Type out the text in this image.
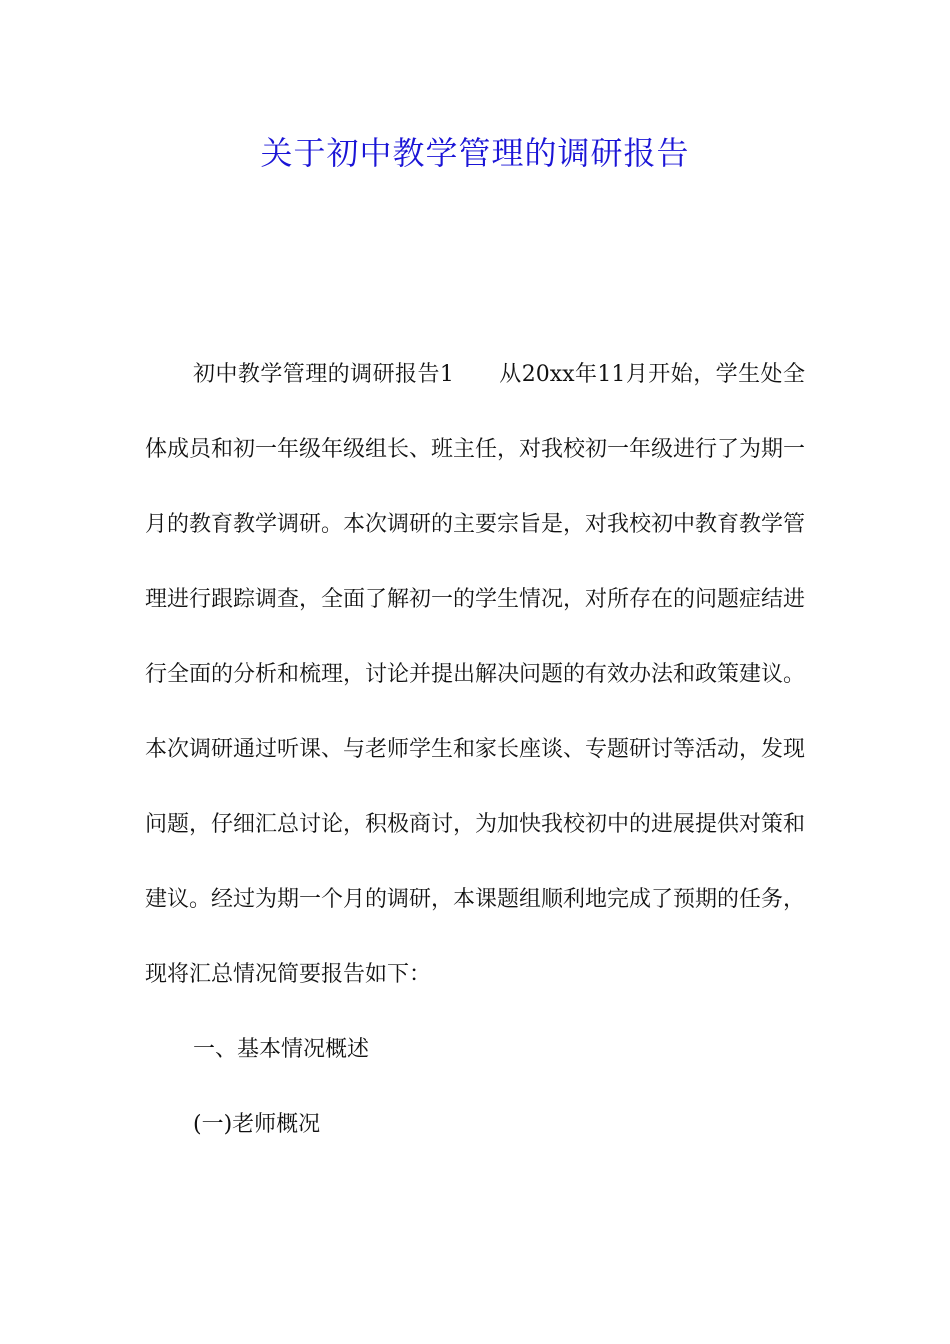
关于初中教学管理的调研报告

初中教学管理的调研报告1　　从20xx年11月开始，学生处全体成员和初一年级年级组长、班主任，对我校初一年级进行了为期一月的教育教学调研。本次调研的主要宗旨是，对我校初中教育教学管理进行跟踪调查，全面了解初一的学生情况，对所存在的问题症结进行全面的分析和梳理，讨论并提出解决问题的有效办法和政策建议。本次调研通过听课、与老师学生和家长座谈、专题研讨等活动，发现问题，仔细汇总讨论，积极商讨，为加快我校初中的进展提供对策和建议。经过为期一个月的调研，本课题组顺利地完成了预期的任务，现将汇总情况简要报告如下：

一、基本情况概述

(一)老师概况
